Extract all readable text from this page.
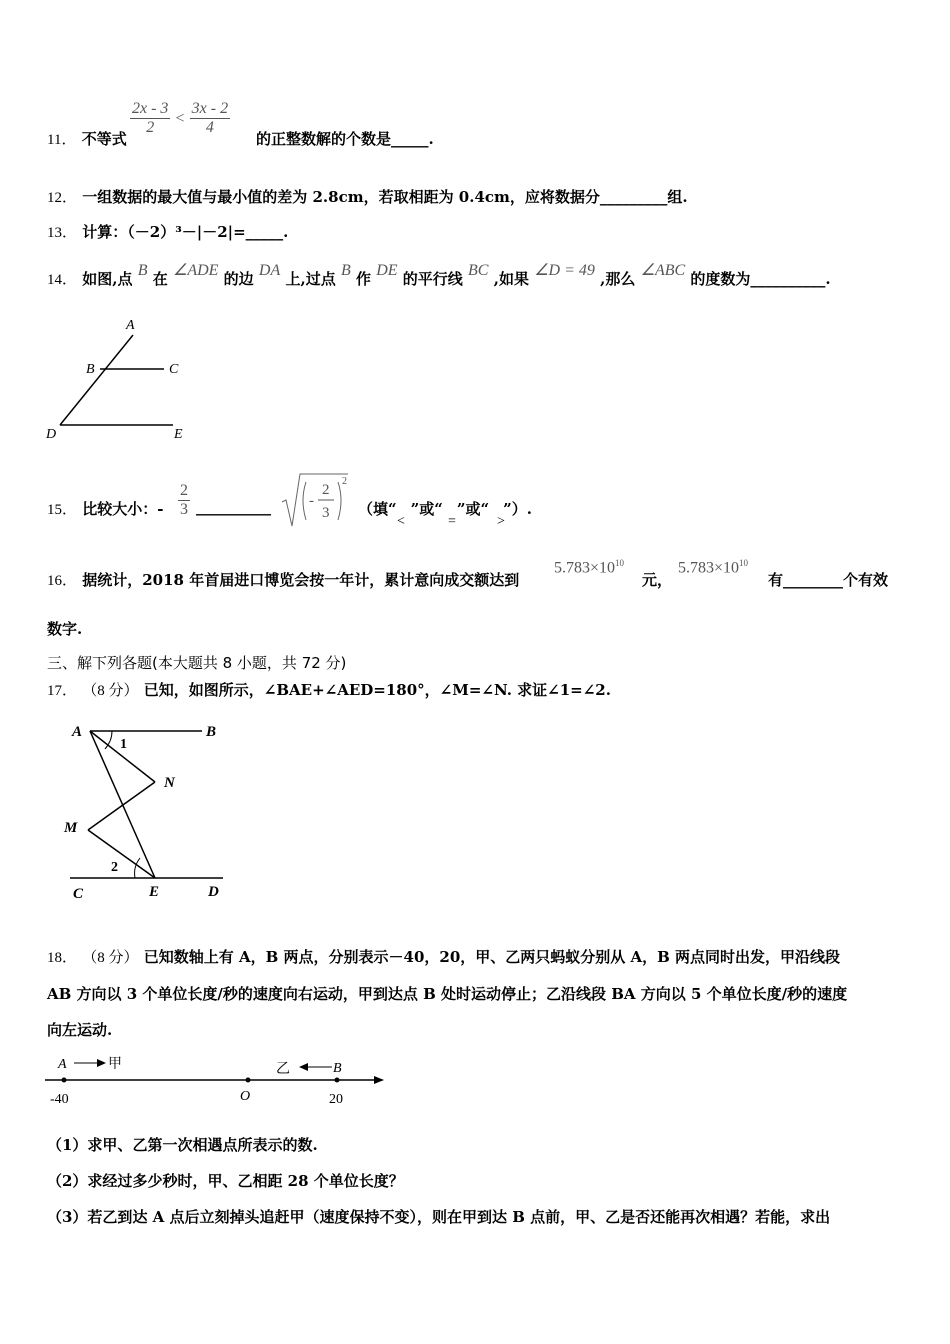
11． 不等式
$\frac{2x - 3}{2} < \frac{3x - 2}{4}$
的正整数解的个数是_____.
12． 一组数据的最大值与最小值的差为 2.8cm，若取相距为 0.4cm，应将数据分_________组.
13． 计算：（－2）³－|－2|=_____.
14． 如图,点 B 在 ∠ADE 的边 DA 上,过点 B 作 DE 的平行线 BC ,如果 ∠D = 49 ,那么 ∠ABC 的度数为__________.
A
B	C
D	E
15． 比较大小：- $\frac{2}{3}$ __________	-
2
3
2
（填“ ”或“ ”或“ ”）.
<	=	>
16． 据统计，2018 年首届进口博览会按一年计，累计意向成交额达到
$5.783\times 10^{10}$
元，
$5.783\times 10^{10}$
有________个有效
数字.
三、解下列各题(本大题共 8 小题，共 72 分)
17． （8 分） 已知，如图所示，∠BAE+∠AED=180°，∠M=∠N. 求证∠1=∠2.
A	B
N
M
C	E	D
1
2
18． （8 分） 已知数轴上有 A，B 两点，分别表示－40，20，甲、乙两只蚂蚁分别从 A，B 两点同时出发，甲沿线段
AB 方向以 3 个单位长度/秒的速度向右运动，甲到达点 B 处时运动停止；乙沿线段 BA 方向以 5 个单位长度/秒的速度
向左运动.
A	甲	乙	B
-40	O	20
（1）求甲、乙第一次相遇点所表示的数.
（2）求经过多少秒时，甲、乙相距 28 个单位长度？
（3）若乙到达 A 点后立刻掉头追赶甲（速度保持不变），则在甲到达 B 点前，甲、乙是否还能再次相遇？若能，求出
